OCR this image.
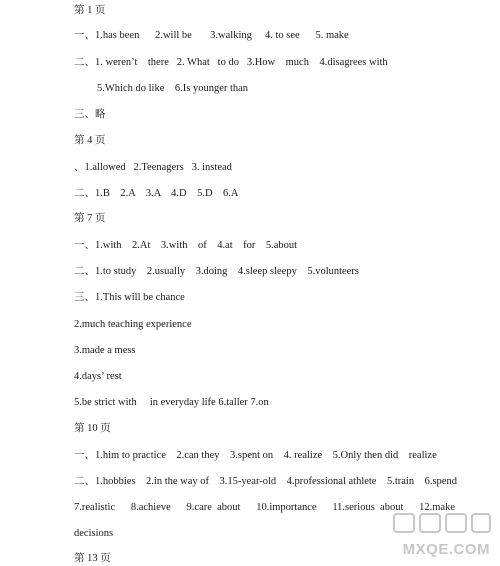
第 1 页
一、1.has been      2.will be       3.walking     4. to see      5. make
二、1. weren’t    there   2. What   to do   3.How    much    4.disagrees with
5.Which do like    6.Is younger than
三、略
第 4 页
、1.allowed   2.Teenagers   3. instead
二、1.B    2.A    3.A    4.D    5.D    6.A
第 7 页
一、1.with    2.At    3.with    of    4.at    for    5.about
二、1.to study    2.usually    3.doing    4.sleep sleepy    5.volunteers
三、1.This will be chance
2.much teaching experience
3.made a mess
4.days’ rest
5.be strict with     in everyday life 6.taller 7.on
第 10 页
一、1.him to practice    2.can they    3.spent on    4. realize    5.Only then did    realize
二、1.hobbies    2.in the way of    3.15-year-old    4.professional athlete    5.train    6.spend
7.realistic      8.achieve      9.care  about      10.importance      11.serious  about      12.make
decisions
第 13 页
MXQE.COM
